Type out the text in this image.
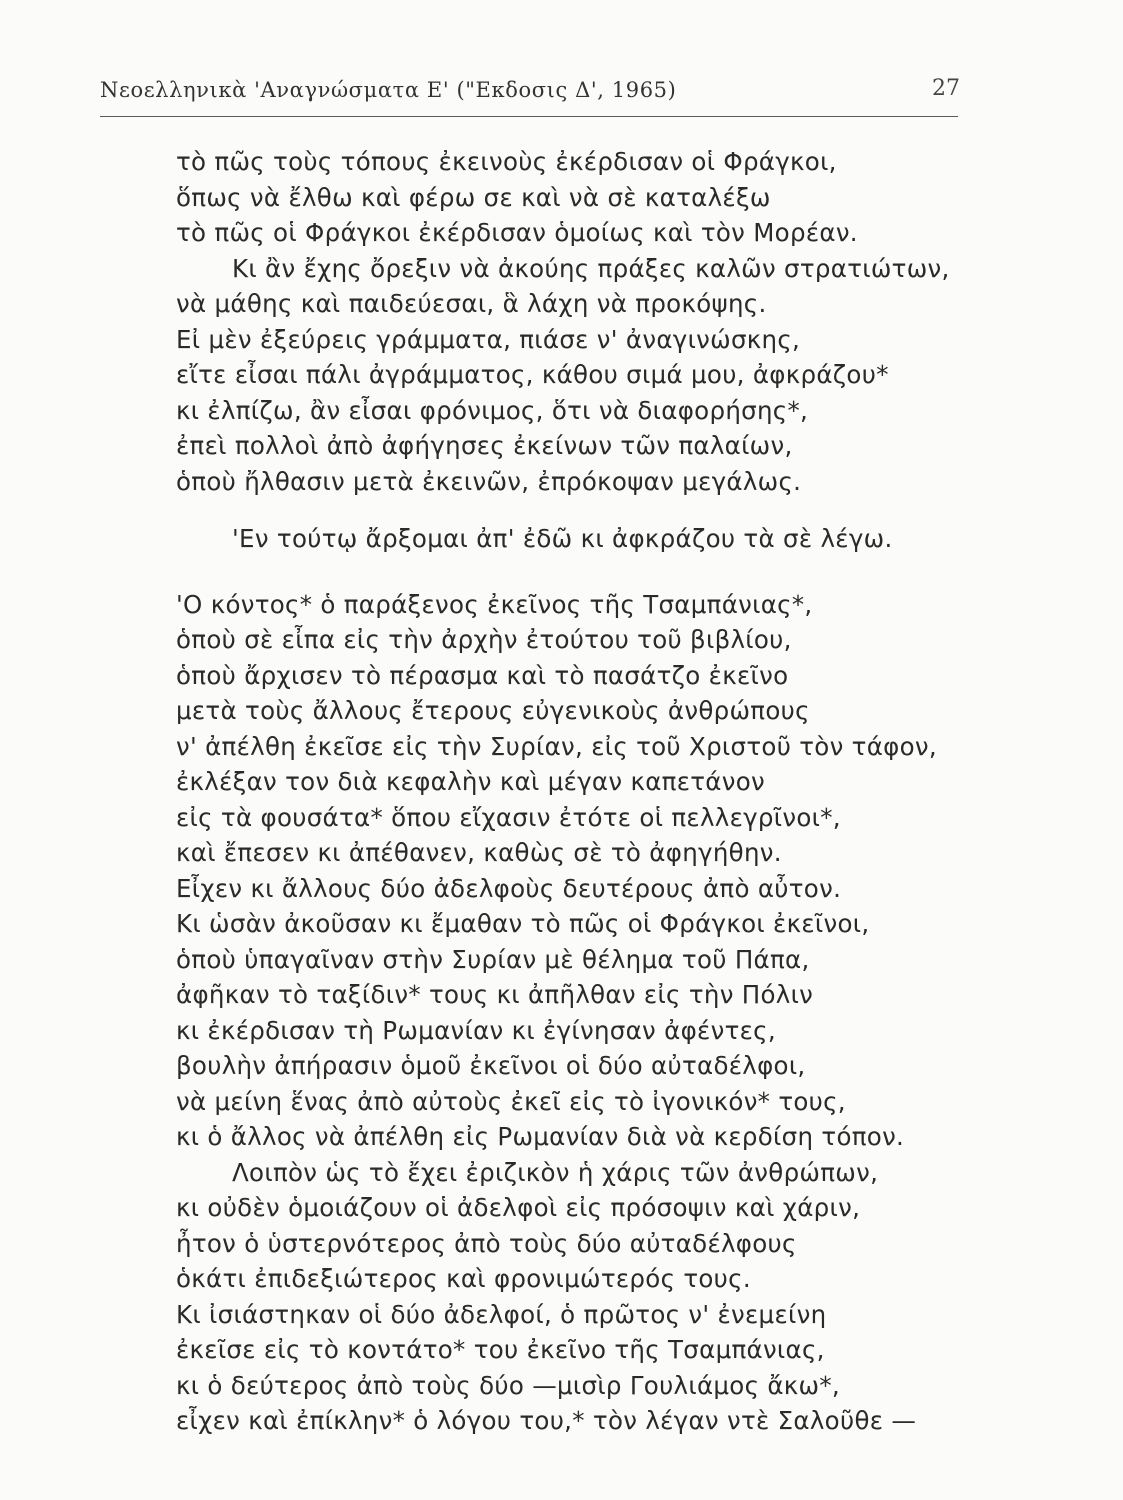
Νεοελληνικὰ 'Αναγνώσματα Ε' ("Εκδοσις Δ', 1965)	27
τὸ πῶς τοὺς τόπους ἐκεινοὺς ἐκέρδισαν οἱ Φράγκοι,
ὅπως νὰ ἔλθω καὶ φέρω σε καὶ νὰ σὲ καταλέξω
τὸ πῶς οἱ Φράγκοι ἐκέρδισαν ὁμοίως καὶ τὸν Μορέαν.
Κι ἂν ἔχης ὄρεξιν νὰ ἀκούης πράξες καλῶν στρατιώτων,
νὰ μάθης καὶ παιδεύεσαι, ἃ λάχη νὰ προκόψης.
Εἰ μὲν ἐξεύρεις γράμματα, πιάσε ν' ἀναγινώσκης,
εἴτε εἶσαι πάλι ἀγράμματος, κάθου σιμά μου, ἀφκράζου*
κι ἐλπίζω, ἂν εἶσαι φρόνιμος, ὅτι νὰ διαφορήσης*,
ἐπεὶ πολλοὶ ἀπὸ ἀφήγησες ἐκείνων τῶν παλαίων,
ὁποὺ ἤλθασιν μετὰ ἐκεινῶν, ἐπρόκοψαν μεγάλως.
'Εν τούτῳ ἄρξομαι ἀπ' ἐδῶ κι ἀφκράζου τὰ σὲ λέγω.
'Ο κόντος* ὁ παράξενος ἐκεῖνος τῆς Τσαμπάνιας*,
ὁποὺ σὲ εἶπα εἰς τὴν ἀρχὴν ἐτούτου τοῦ βιβλίου,
ὁποὺ ἄρχισεν τὸ πέρασμα καὶ τὸ πασάτζο ἐκεῖνο
μετὰ τοὺς ἄλλους ἔτερους εὐγενικοὺς ἀνθρώπους
ν' ἀπέλθη ἐκεῖσε εἰς τὴν Συρίαν, εἰς τοῦ Χριστοῦ τὸν τάφον,
ἐκλέξαν τον διὰ κεφαλὴν καὶ μέγαν καπετάνον
εἰς τὰ φουσάτα* ὅπου εἴχασιν ἐτότε οἱ πελλεγρῖνοι*,
καὶ ἔπεσεν κι ἀπέθανεν, καθὼς σὲ τὸ ἀφηγήθην.
Εἶχεν κι ἄλλους δύο ἀδελφοὺς δευτέρους ἀπὸ αὖτον.
Κι ὡσὰν ἀκοῦσαν κι ἔμαθαν τὸ πῶς οἱ Φράγκοι ἐκεῖνοι,
ὁποὺ ὑπαγαῖναν στὴν Συρίαν μὲ θέλημα τοῦ Πάπα,
ἀφῆκαν τὸ ταξίδιν* τους κι ἀπῆλθαν εἰς τὴν Πόλιν
κι ἐκέρδισαν τὴ Ρωμανίαν κι ἐγίνησαν ἀφέντες,
βουλὴν ἀπήρασιν ὁμοῦ ἐκεῖνοι οἱ δύο αὐταδέλφοι,
νὰ μείνη ἕνας ἀπὸ αὐτοὺς ἐκεῖ εἰς τὸ ἰγονικόν* τους,
κι ὁ ἄλλος νὰ ἀπέλθη εἰς Ρωμανίαν διὰ νὰ κερδίση τόπον.
Λοιπὸν ὡς τὸ ἔχει ἐριζικὸν ἡ χάρις τῶν ἀνθρώπων,
κι οὐδὲν ὁμοιάζουν οἱ ἀδελφοὶ εἰς πρόσοψιν καὶ χάριν,
ἦτον ὁ ὑστερνότερος ἀπὸ τοὺς δύο αὐταδέλφους
ὁκάτι ἐπιδεξιώτερος καὶ φρονιμώτερός τους.
Κι ἰσιάστηκαν οἱ δύο ἀδελφοί, ὁ πρῶτος ν' ἐνεμείνη
ἐκεῖσε εἰς τὸ κοντάτο* του ἐκεῖνο τῆς Τσαμπάνιας,
κι ὁ δεύτερος ἀπὸ τοὺς δύο —μισὶρ Γουλιάμος ἄκω*,
εἶχεν καὶ ἐπίκλην* ὁ λόγου του,* τὸν λέγαν ντὲ Σαλοῦθε —
